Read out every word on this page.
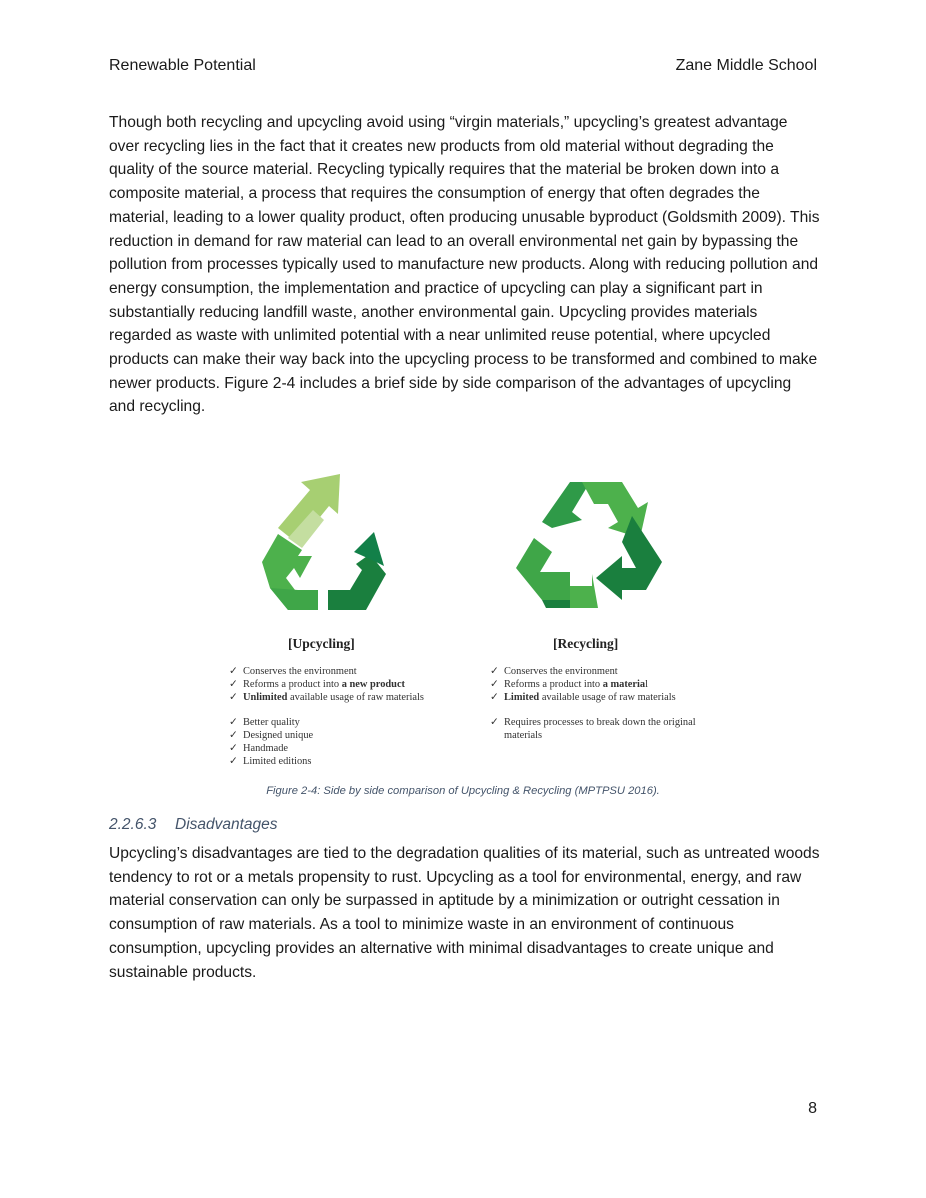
Renewable Potential	Zane Middle School

Though both recycling and upcycling avoid using “virgin materials,” upcycling’s greatest advantage over recycling lies in the fact that it creates new products from old material without degrading the quality of the source material. Recycling typically requires that the material be broken down into a composite material, a process that requires the consumption of energy that often degrades the material, leading to a lower quality product, often producing unusable byproduct (Goldsmith 2009). This reduction in demand for raw material can lead to an overall environmental net gain by bypassing the pollution from processes typically used to manufacture new products. Along with reducing pollution and energy consumption, the implementation and practice of upcycling can play a significant part in substantially reducing landfill waste, another environmental gain. Upcycling provides materials regarded as waste with unlimited potential with a near unlimited reuse potential, where upcycled products can make their way back into the upcycling process to be transformed and combined to make newer products. Figure 2-4 includes a brief side by side comparison of the advantages of upcycling and recycling.

[Upcycling]	[Recycling]
✓ Conserves the environment
✓ Reforms a product into a new product
✓ Unlimited available usage of raw materials
✓ Better quality
✓ Designed unique
✓ Handmade
✓ Limited editions
✓ Conserves the environment
✓ Reforms a product into a material
✓ Limited available usage of raw materials
✓ Requires processes to break down the original materials
Figure 2-4: Side by side comparison of Upcycling & Recycling (MPTPSU 2016).
2.2.6.3 Disadvantages

Upcycling’s disadvantages are tied to the degradation qualities of its material, such as untreated woods tendency to rot or a metals propensity to rust. Upcycling as a tool for environmental, energy, and raw material conservation can only be surpassed in aptitude by a minimization or outright cessation in consumption of raw materials. As a tool to minimize waste in an environment of continuous consumption, upcycling provides an alternative with minimal disadvantages to create unique and sustainable products.

8
